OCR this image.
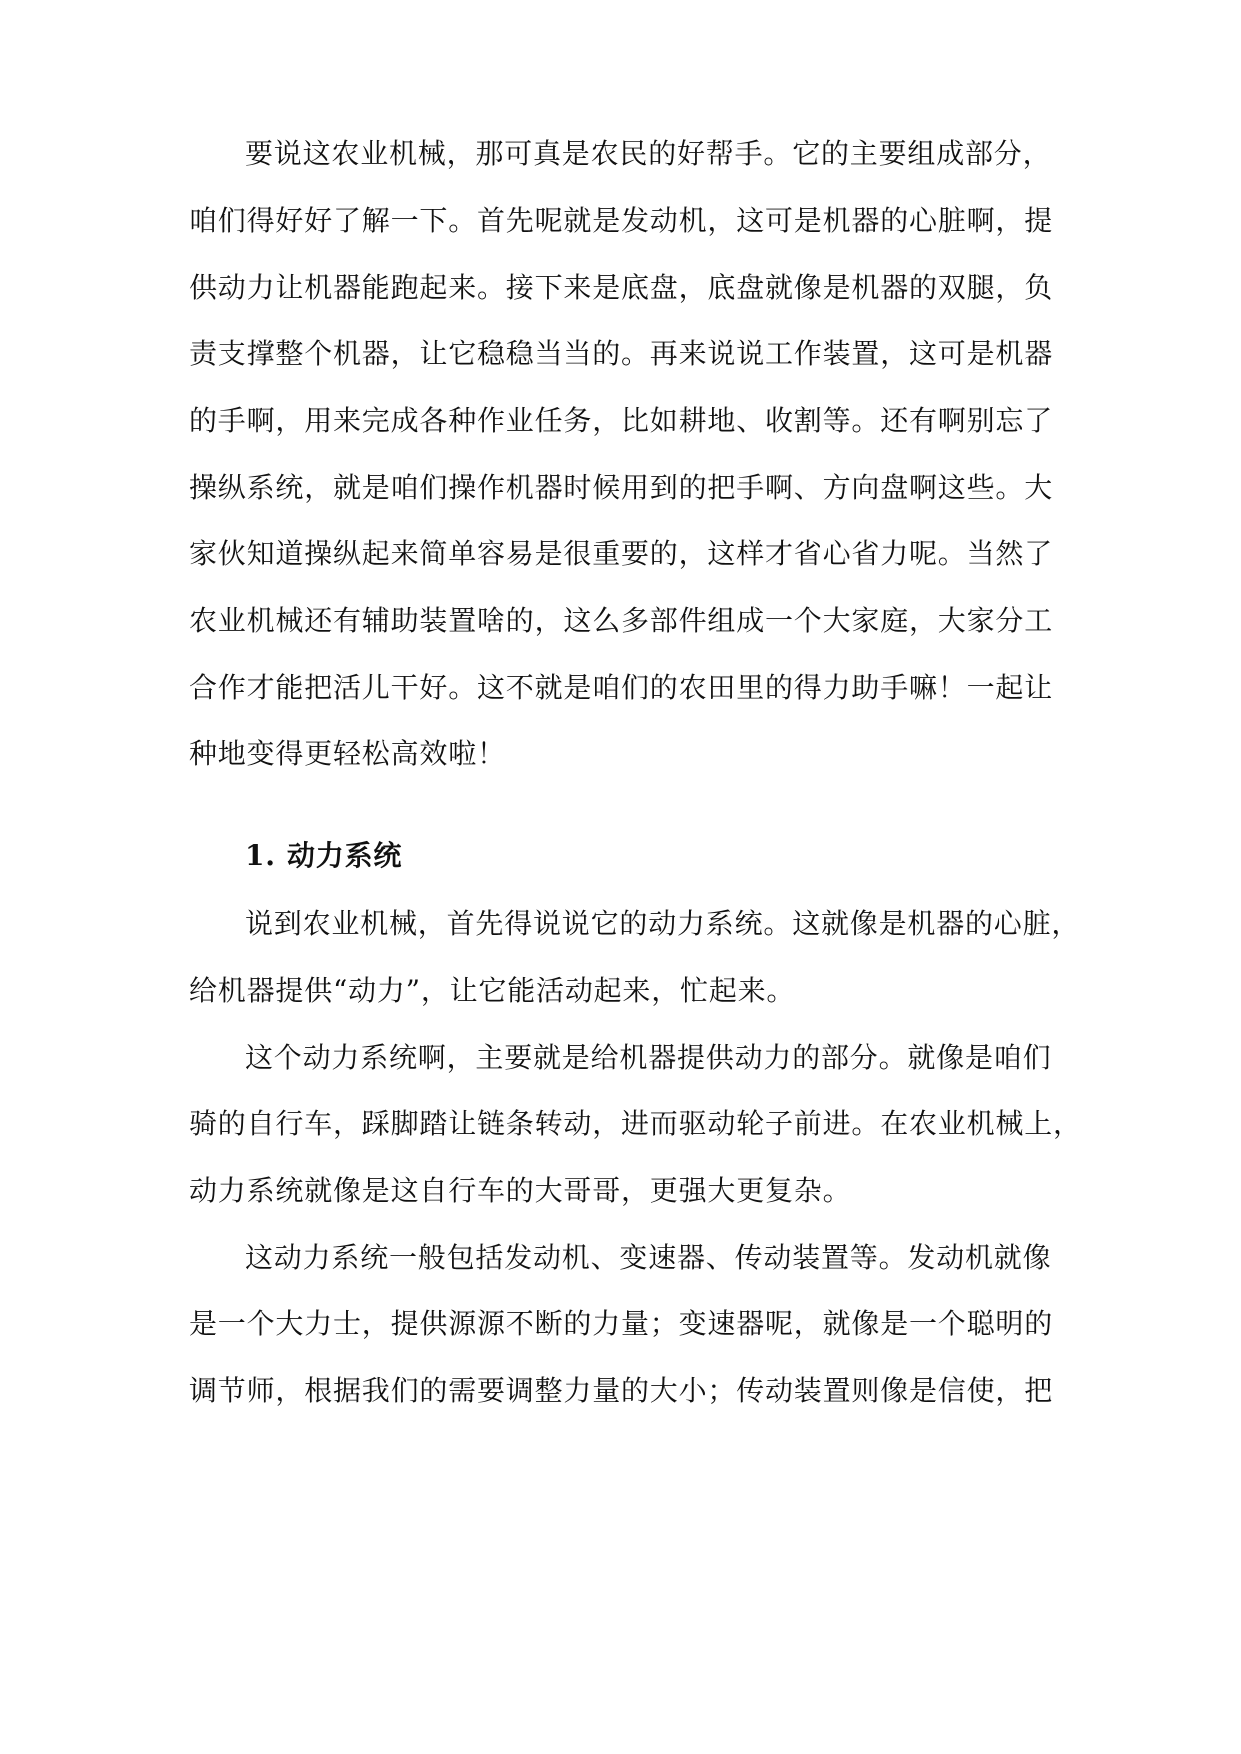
要说这农业机械，那可真是农民的好帮手。它的主要组成部分，
咱们得好好了解一下。首先呢就是发动机，这可是机器的心脏啊，提
供动力让机器能跑起来。接下来是底盘，底盘就像是机器的双腿，负
责支撑整个机器，让它稳稳当当的。再来说说工作装置，这可是机器
的手啊，用来完成各种作业任务，比如耕地、收割等。还有啊别忘了
操纵系统，就是咱们操作机器时候用到的把手啊、方向盘啊这些。大
家伙知道操纵起来简单容易是很重要的，这样才省心省力呢。当然了
农业机械还有辅助装置啥的，这么多部件组成一个大家庭，大家分工
合作才能把活儿干好。这不就是咱们的农田里的得力助手嘛！一起让
种地变得更轻松高效啦！
1. 动力系统
说到农业机械，首先得说说它的动力系统。这就像是机器的心脏，
给机器提供“动力”，让它能活动起来，忙起来。
这个动力系统啊，主要就是给机器提供动力的部分。就像是咱们
骑的自行车，踩脚踏让链条转动，进而驱动轮子前进。在农业机械上，
动力系统就像是这自行车的大哥哥，更强大更复杂。
这动力系统一般包括发动机、变速器、传动装置等。发动机就像
是一个大力士，提供源源不断的力量；变速器呢，就像是一个聪明的
调节师，根据我们的需要调整力量的大小；传动装置则像是信使，把
